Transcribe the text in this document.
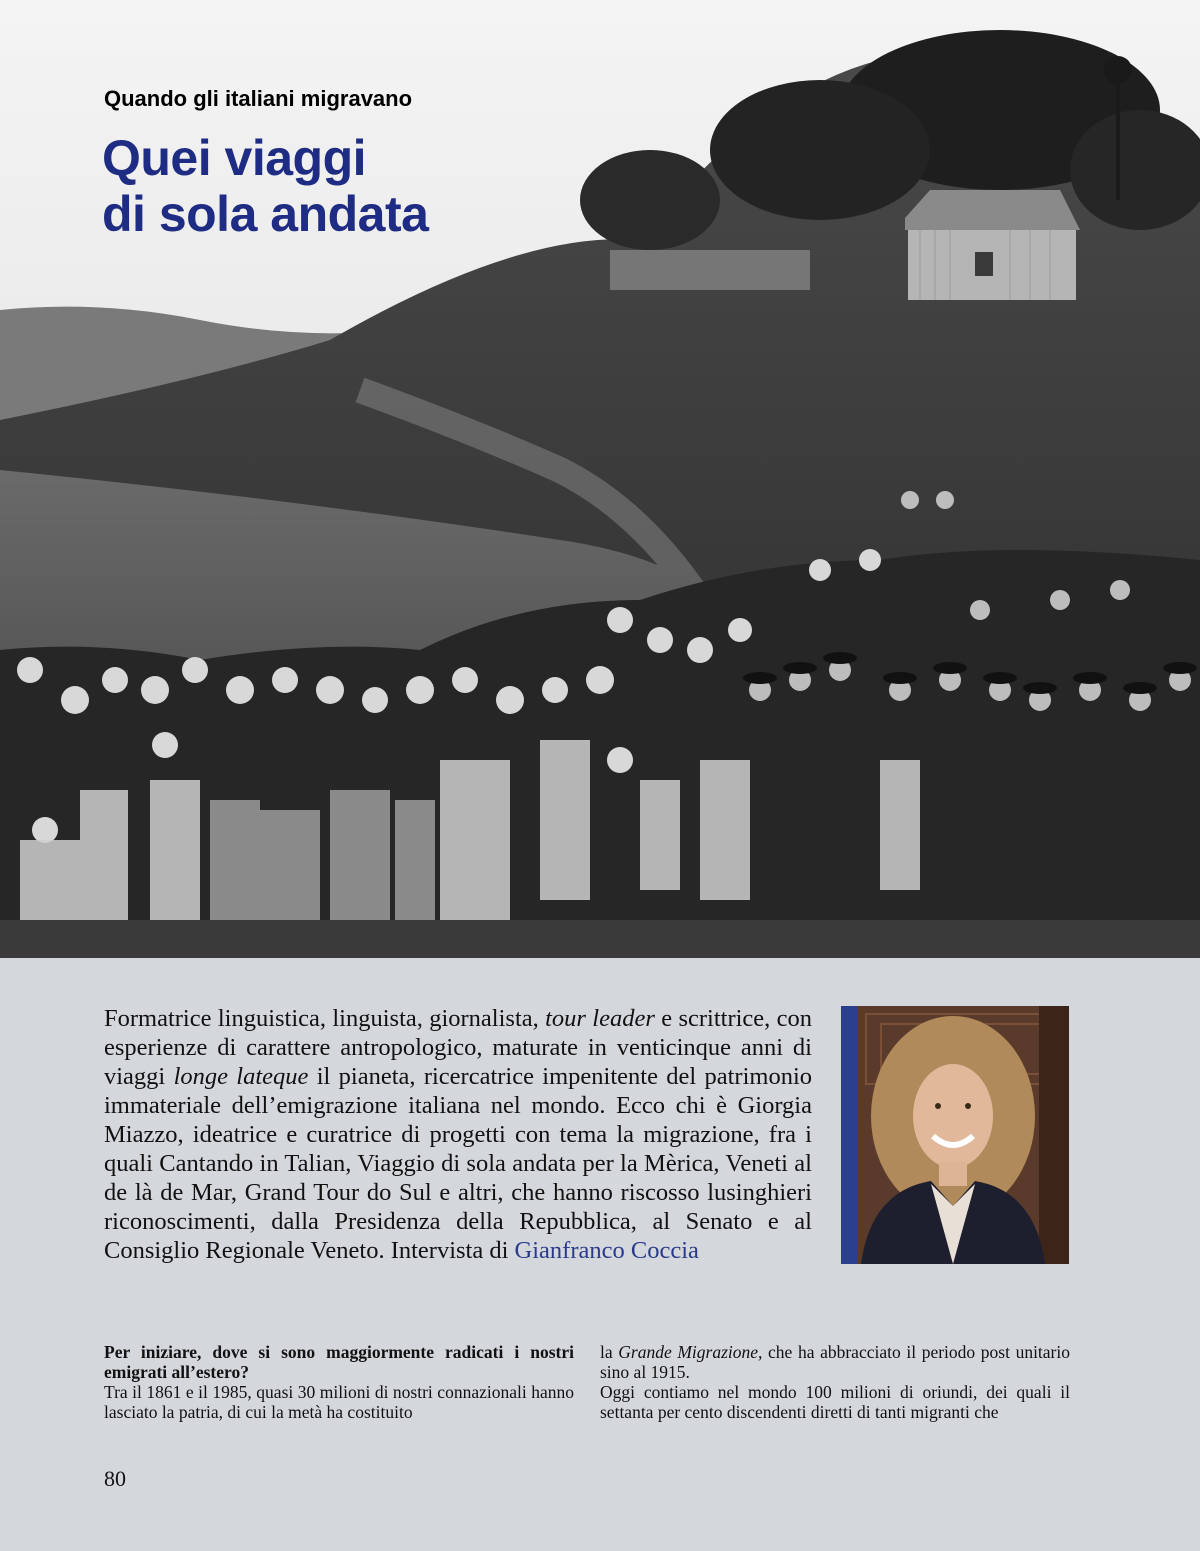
Quando gli italiani migravano
Quei viaggi
di sola andata

Formatrice linguistica, linguista, giornalista, tour leader e scrittrice, con esperienze di carattere antropologico, maturate in venticinque anni di viaggi longe lateque il pianeta, ricercatrice impenitente del patrimonio immateriale dell’emigrazione italiana nel mondo. Ecco chi è Giorgia Miazzo, ideatrice e curatrice di progetti con tema la migrazione, fra i quali Cantando in Talian, Viaggio di sola andata per la Mèrica, Veneti al de là de Mar, Grand Tour do Sul e altri, che hanno riscosso lusinghieri riconoscimenti, dalla Presidenza della Repubblica, al Senato e al Consiglio Regionale Veneto. Intervista di Gianfranco Coccia

Per iniziare, dove si sono maggiormente radicati i nostri emigrati all’estero?

Tra il 1861 e il 1985, quasi 30 milioni di nostri connazionali hanno lasciato la patria, di cui la metà ha costituito

la Grande Migrazione, che ha abbracciato il periodo post unitario sino al 1915.

Oggi contiamo nel mondo 100 milioni di oriundi, dei quali il settanta per cento discendenti diretti di tanti migranti che

80
